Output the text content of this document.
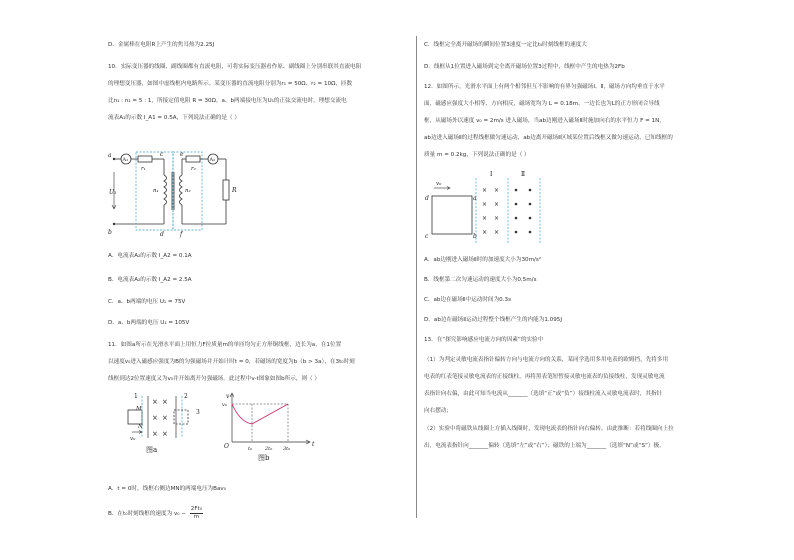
D．金属棒在电阻R上产生的焦耳热为2.25J
10．实际变压器的线圈、副线圈都有直流电阻，可将实际变压器看作原、副线圈上分别串联其直流电阻
的理想变压器，如图中虚线框内电路所示。某变压器的直流电阻分别为r₁ = 50Ω、r₂ = 10Ω，匝数
比n₁ : n₂ = 5 : 1，所接定值电阻 R = 30Ω。a、b两端接电压为U₁的正弦交流电时，理想交流电
流表A₁的示数 I_A1 = 0.5A，下列说法正确的是（ ）
A₁	A₂
a
b
U₁
r₁	r₂
n₁	n₂	R
c	e
d	f
A．电流表A₂的示数 I_A2 = 0.1A
B．电流表A₂的示数 I_A2 = 2.5A
C．a、b两端的电压 U₁ = 75V
D．a、b两端的电压 U₁ = 105V
11．如图a所示在光滑水平面上用恒力F拉质量m的单匝均匀正方形铜线框，边长为a，在1位置
以速度v₀进入磁感应强度为B的匀强磁场并开始计时t = 0，若磁场的宽度为b（b > 3a），在3t₀时刻
线框到达2位置速度又为v₀并开始离开匀强磁场。此过程中v-t图象如图b所示，则（ ）
× ×
× ×
× ×
v₀
1	2
3
M
N
图a
v
t
O
v₀
t₀	2t₀ 3t₀
图b
A．t = 0时，线框右侧边MN的两端电压为Bav₀
B．在t₀时刻线框的速度为 $v_0 - \frac{\text{2Ft₀}}{m}$
C．线框完全离开磁场的瞬间位置3速度一定比t₀时刻线框的速度大
D．线框从1位置进入磁场到完全离开磁场位置3过程中，线框中产生的电热为2Fb
12．如图所示，光滑水平面上有两个相邻但互不影响的有界匀强磁场Ⅰ、Ⅱ，磁场方向均垂直于水平
面，磁感应强度大小相等、方向相反，磁场宽均为 L = 0.18m。一边长也为L的正方形闭合导线
框，从磁场外以速度 v₀ = 2m/s 进入磁场，当ab边刚进入磁场Ⅱ时施加向右的水平恒力 F = 1N，
ab边进入磁场Ⅱ的过程线框做匀速运动，ab边离开磁场Ⅱ区域某位置后线框又做匀速运动，已知线框的
质量 m = 0.2kg，下列说法正确的是（ ）
× ×
× ×
× ×
× ×
v₀
Ⅰ	Ⅱ
d
c
a
b
A．ab边刚进入磁场Ⅱ时的加速度大小为30m/s²
B．线框第二次匀速运动的速度大小为0.5m/s
C．ab边在磁场Ⅱ中运动时间为0.3s
D．ab边在磁场Ⅱ运动过程整个线框产生的内能为1.095J
13．在“探究影响感应电流方向的因素”的实验中
（1）为判定灵敏电流表指针偏转方向与电流方向的关系，某同学选用多用电表的欧姆挡，先将多用
电表的红表笔接灵敏电流表的正接线柱，再将黑表笔短暂接灵敏电流表的负接线柱，发现灵敏电流
表指针向右偏，由此可知当电流从_______（选填“正”或“负”）接线柱流入灵敏电流表时，其指针
向右摆动；
（2）实验中将磁铁从线圈上方插入线圈时，发现电流表的指针向右偏转，由此推断：若将线圈向上拉
出，电流表指针向_______偏转（选填“左”或“右”）；磁铁的上端为_______（选填“N”或“S”）极。
